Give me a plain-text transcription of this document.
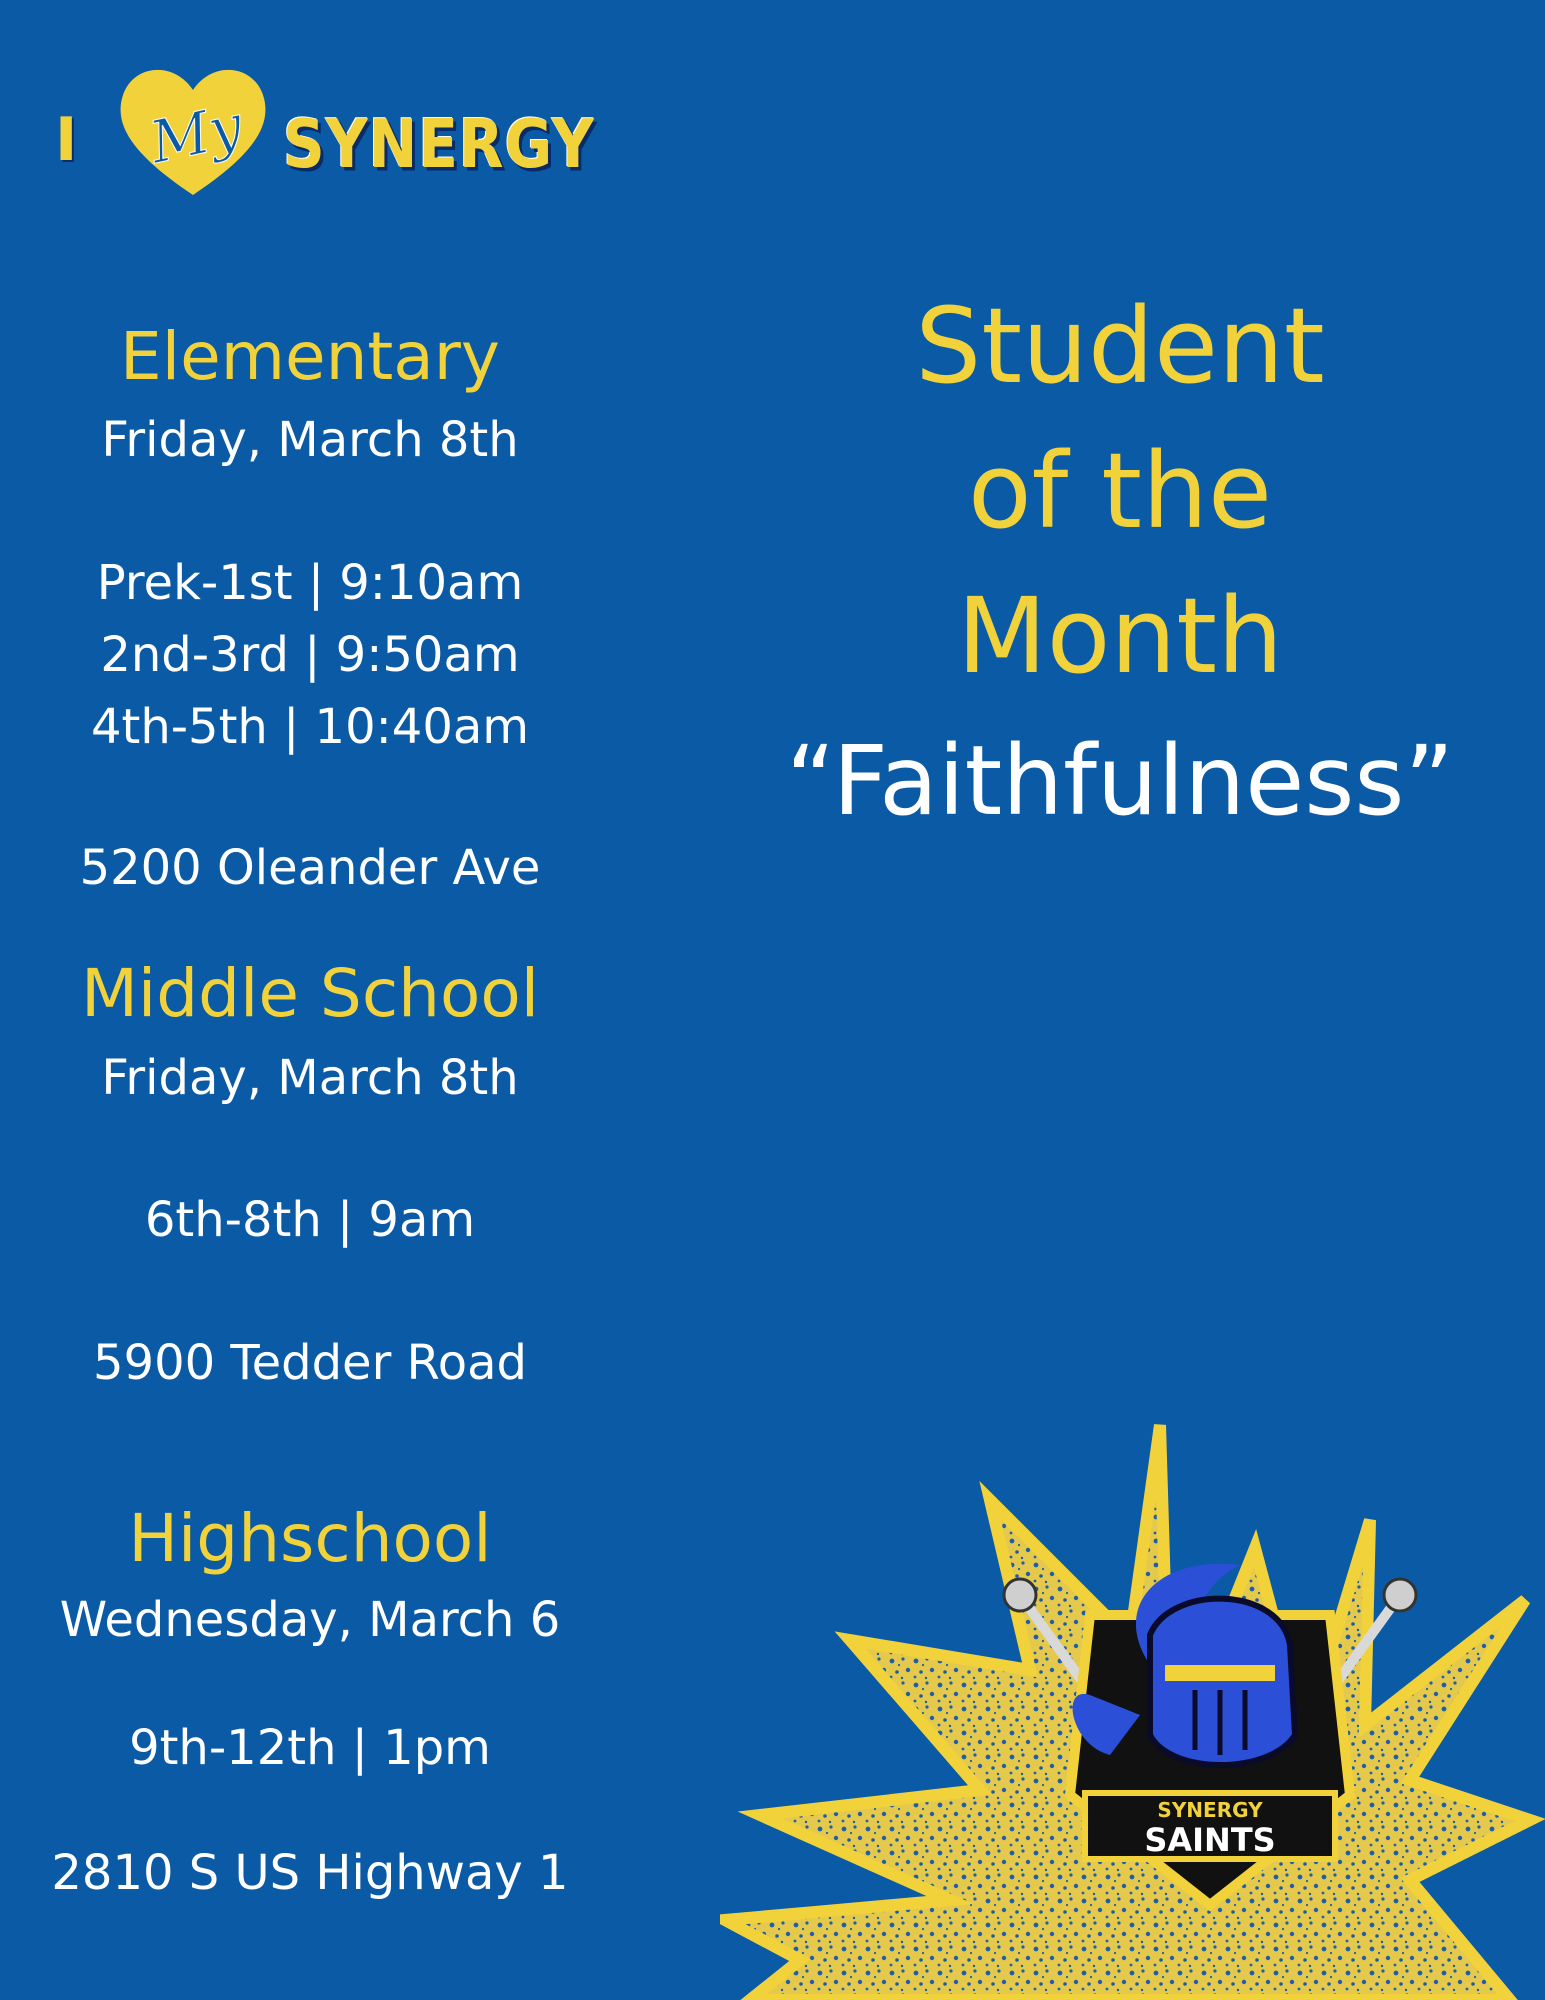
I My SYNERGY
Elementary
Friday, March 8th
Prek-1st | 9:10am
2nd-3rd | 9:50am
4th-5th | 10:40am
5200 Oleander Ave
Middle School
Friday, March 8th
6th-8th | 9am
5900 Tedder Road
Highschool
Wednesday, March 6
9th-12th | 1pm
2810 S US Highway 1
Student
of the
Month
“Faithfulness”
SYNERGY
SAINTS
